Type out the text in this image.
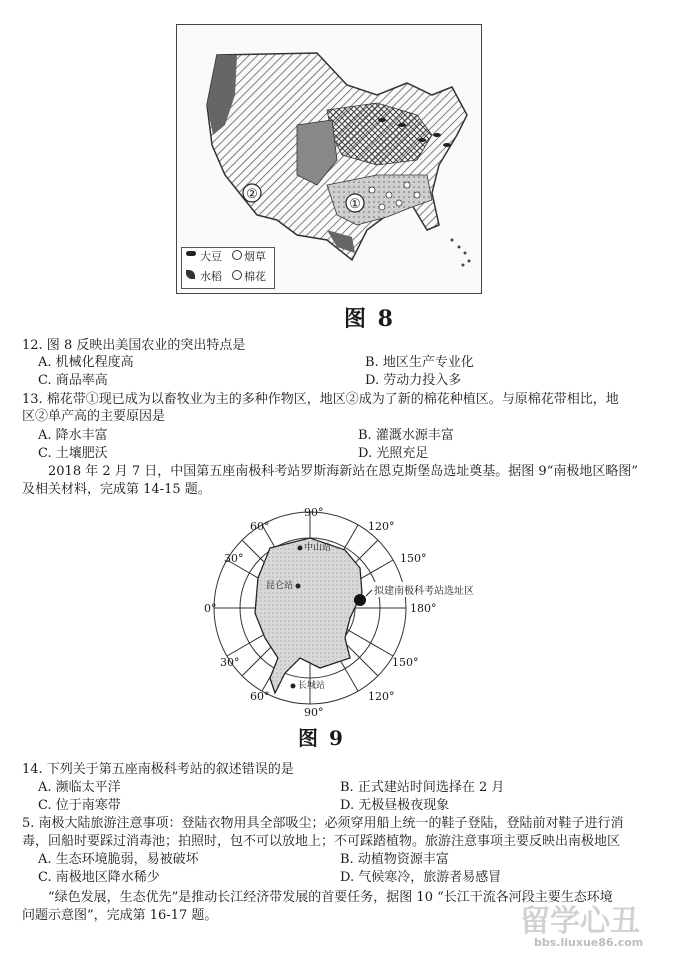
②
①
大豆 烟草
水稻 棉花
图 8
12. 图 8 反映出美国农业的突出特点是
A. 机械化程度高	B. 地区生产专业化
C. 商品率高	D. 劳动力投入多
13. 棉花带①现已成为以畜牧业为主的多种作物区，地区②成为了新的棉花种植区。与原棉花带相比，地
区②单产高的主要原因是
A. 降水丰富	B. 灌溉水源丰富
C. 土壤肥沃	D. 光照充足
2018 年 2 月 7 日，中国第五座南极科考站罗斯海新站在恩克斯堡岛选址奠基。据图 9“南极地区略图”
及相关材料，完成第 14-15 题。
90°
120°
150°
30°
60°
0°	180°
150°
120°
90°
60°
30°
中山站
昆仑站
长城站
拟建南极科考站选址区
图 9
14. 下列关于第五座南极科考站的叙述错误的是
A. 濒临太平洋	B. 正式建站时间选择在 2 月
C. 位于南寒带	D. 无极昼极夜现象
5. 南极大陆旅游注意事项：登陆衣物用具全部吸尘；必须穿用船上统一的鞋子登陆，登陆前对鞋子进行消
毒，回船时要踩过消毒池；拍照时，包不可以放地上；不可踩踏植物。旅游注意事项主要反映出南极地区
A. 生态环境脆弱，易被破坏	B. 动植物资源丰富
C. 南极地区降水稀少	D. 气候寒冷，旅游者易感冒
“绿色发展，生态优先”是推动长江经济带发展的首要任务，据图 10 “长江干流各河段主要生态环境
问题示意图”，完成第 16-17 题。	留学心丑
bbs.liuxue86.com
